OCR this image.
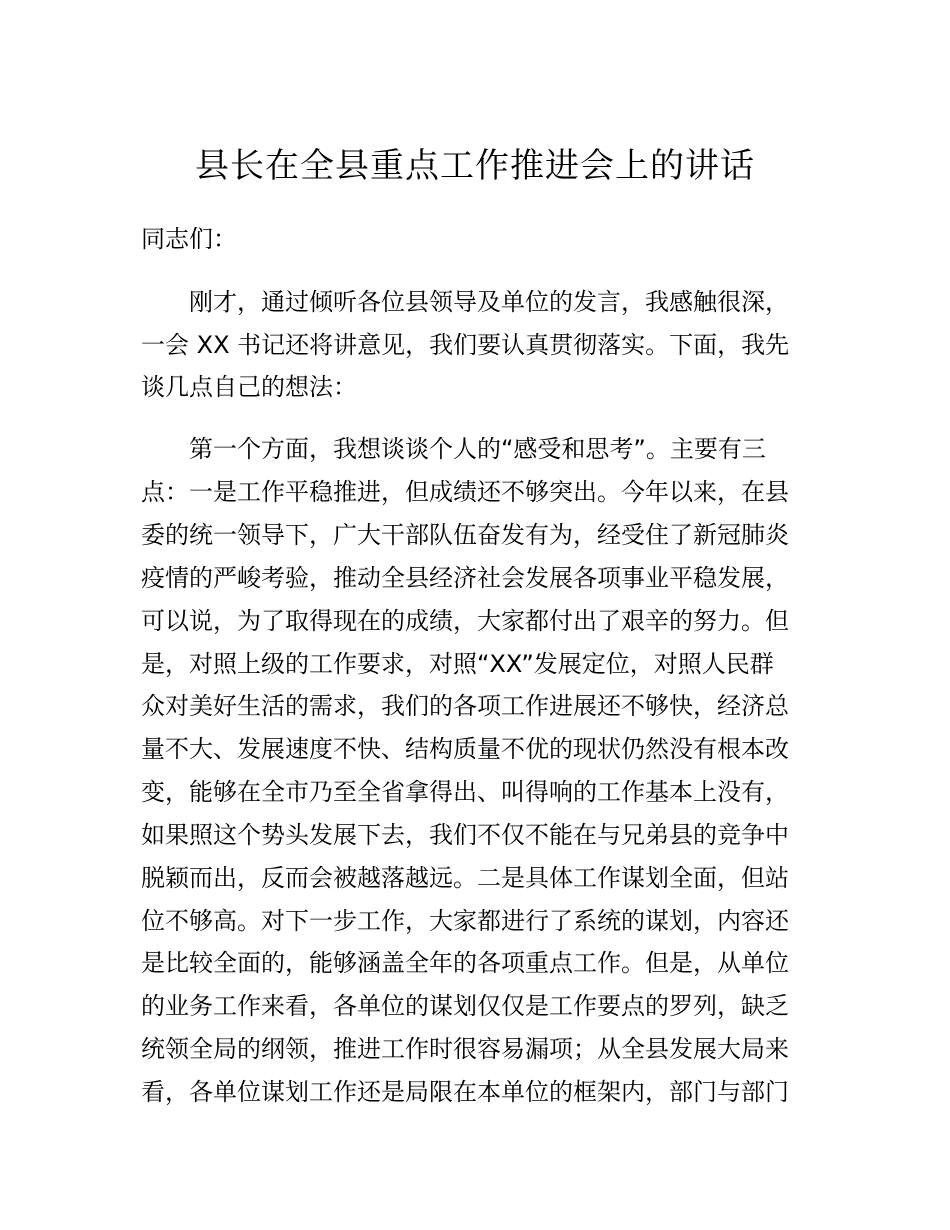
县长在全县重点工作推进会上的讲话

同志们：

刚才，通过倾听各位县领导及单位的发言，我感触很深，

一会 XX 书记还将讲意见，我们要认真贯彻落实。下面，我先

谈几点自己的想法：

第一个方面，我想谈谈个人的“感受和思考”。主要有三

点：一是工作平稳推进，但成绩还不够突出。今年以来，在县

委的统一领导下，广大干部队伍奋发有为，经受住了新冠肺炎

疫情的严峻考验，推动全县经济社会发展各项事业平稳发展，

可以说，为了取得现在的成绩，大家都付出了艰辛的努力。但

是，对照上级的工作要求，对照“XX”发展定位，对照人民群

众对美好生活的需求，我们的各项工作进展还不够快，经济总

量不大、发展速度不快、结构质量不优的现状仍然没有根本改

变，能够在全市乃至全省拿得出、叫得响的工作基本上没有，

如果照这个势头发展下去，我们不仅不能在与兄弟县的竞争中

脱颖而出，反而会被越落越远。二是具体工作谋划全面，但站

位不够高。对下一步工作，大家都进行了系统的谋划，内容还

是比较全面的，能够涵盖全年的各项重点工作。但是，从单位

的业务工作来看，各单位的谋划仅仅是工作要点的罗列，缺乏

统领全局的纲领，推进工作时很容易漏项；从全县发展大局来

看，各单位谋划工作还是局限在本单位的框架内，部门与部门
